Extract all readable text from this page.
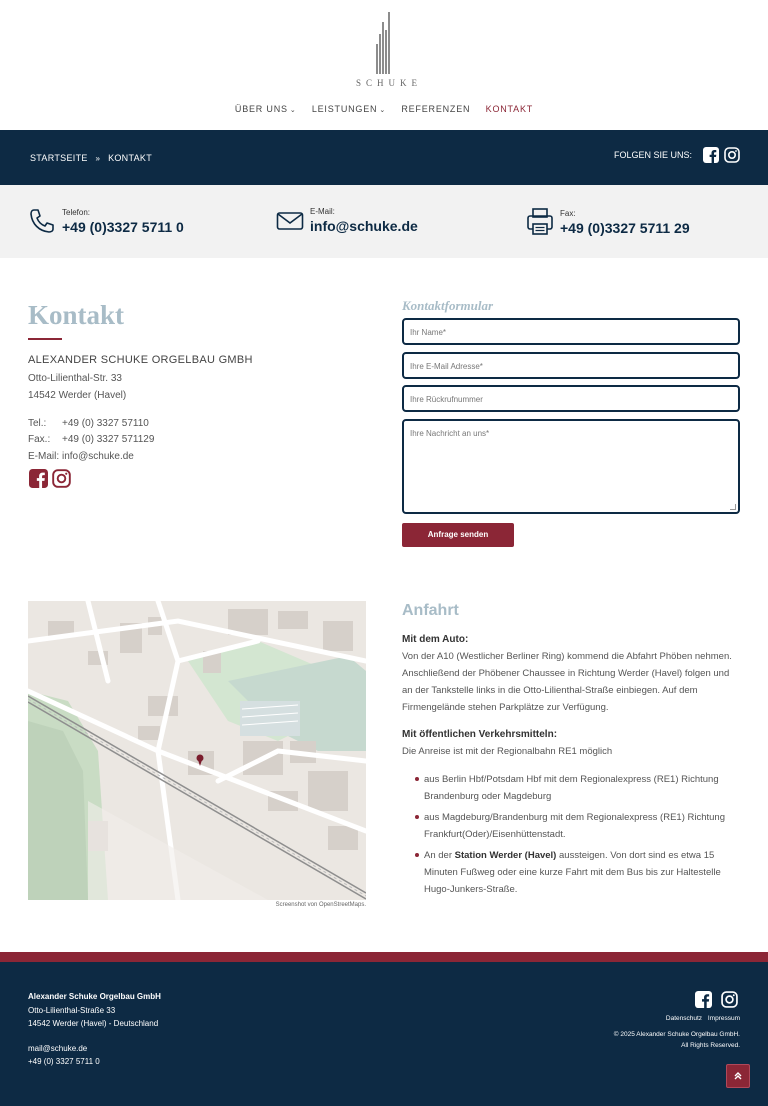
SCHUKE
ÜBER UNS ⌄ LEISTUNGEN ⌄ REFERENZEN KONTAKT
STARTSEITE » KONTAKT	FOLGEN SIE UNS:
Telefon:
+49 (0)3327 5711 0
E-Mail:
info@schuke.de
Fax:
+49 (0)3327 5711 29
Kontakt
ALEXANDER SCHUKE ORGELBAU GMBH
Otto-Lilienthal-Str. 33
14542 Werder (Havel)
Tel.:	+49 (0) 3327 57110
Fax.:	+49 (0) 3327 571129
E-Mail: info@schuke.de
Kontaktformular
Ihr Name*
Ihre E-Mail Adresse*
Ihre Rückrufnummer
Ihre Nachricht an uns*
Anfrage senden
Screenshot von OpenStreetMaps.
Anfahrt
Mit dem Auto:
Von der A10 (Westlicher Berliner Ring) kommend die Abfahrt Phöben nehmen.
Anschließend der Phöbener Chaussee in Richtung Werder (Havel) folgen und
an der Tankstelle links in die Otto-Lilienthal-Straße einbiegen. Auf dem
Firmengelände stehen Parkplätze zur Verfügung.
Mit öffentlichen Verkehrsmitteln:
Die Anreise ist mit der Regionalbahn RE1 möglich
aus Berlin Hbf/Potsdam Hbf mit dem Regionalexpress (RE1) Richtung
Brandenburg oder Magdeburg
aus Magdeburg/Brandenburg mit dem Regionalexpress (RE1) Richtung
Frankfurt(Oder)/Eisenhüttenstadt.
An der Station Werder (Havel) aussteigen. Von dort sind es etwa 15
Minuten Fußweg oder eine kurze Fahrt mit dem Bus bis zur Haltestelle
Hugo-Junkers-Straße.
Alexander Schuke Orgelbau GmbH
Otto-Lilienthal-Straße 33
14542 Werder (Havel) - Deutschland
mail@schuke.de
+49 (0) 3327 5711 0
Datenschutz Impressum
© 2025 Alexander Schuke Orgelbau GmbH.
All Rights Reserved.
